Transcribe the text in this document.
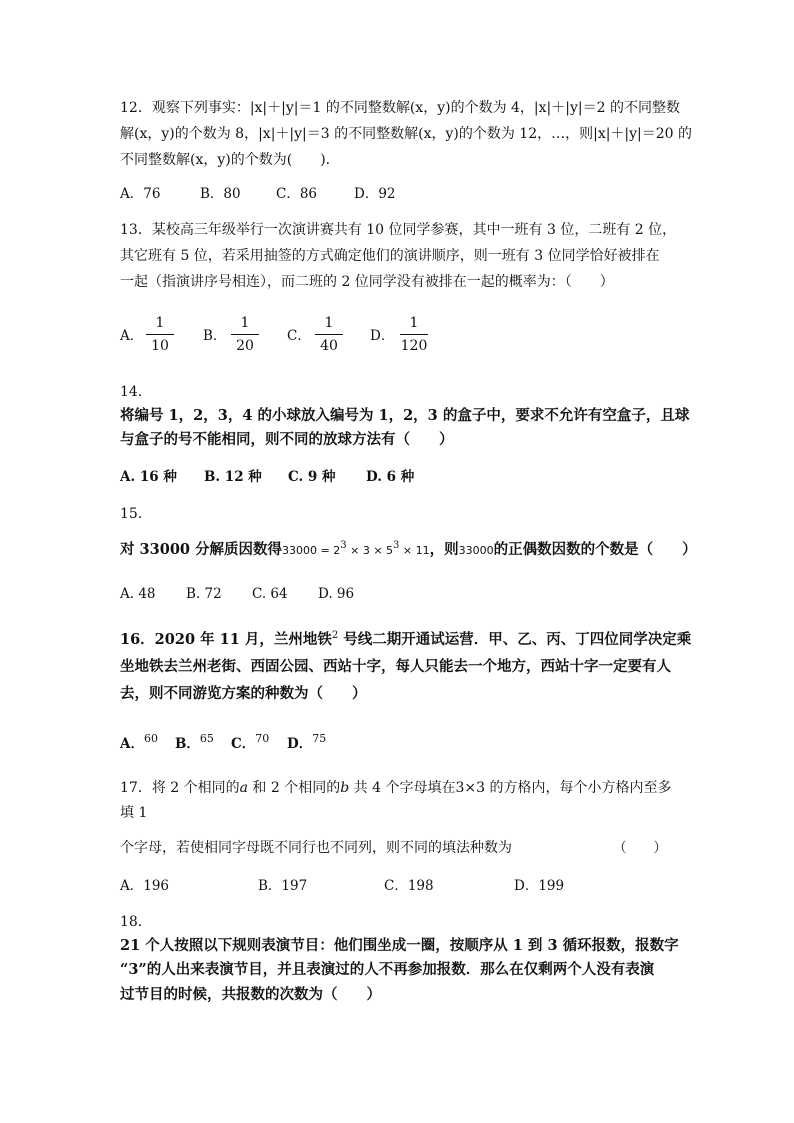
12．观察下列事实：|x|＋|y|＝1 的不同整数解(x，y)的个数为 4，|x|＋|y|＝2 的不同整数
解(x，y)的个数为 8，|x|＋|y|＝3 的不同整数解(x，y)的个数为 12，…，则|x|＋|y|＝20 的
不同整数解(x，y)的个数为(　　)．
A．76	B．80	C．86	D．92
13．某校高三年级举行一次演讲赛共有 10 位同学参赛，其中一班有 3 位，二班有 2 位，
其它班有 5 位，若采用抽签的方式确定他们的演讲顺序，则一班有 3 位同学恰好被排在
一起（指演讲序号相连），而二班的 2 位同学没有被排在一起的概率为：（　　）
A．
1
10
B．
1
20
C．
1
40
D．
1
120
14．
将编号 1，2，3，4 的小球放入编号为 1，2，3 的盒子中，要求不允许有空盒子，且球
与盒子的号不能相同，则不同的放球方法有（　　）
A. 16 种 B. 12 种 C. 9 种 D. 6 种
15．
对 33000 分解质因数得$33000 = 2^3 \times 3 \times 5^3 \times 11$，则33000的正偶数因数的个数是（　　）
A. 48 B. 72 C. 64 D. 96
16．2020 年 11 月，兰州地铁$^2$ 号线二期开通试运营．甲、乙、丙、丁四位同学决定乘
坐地铁去兰州老街、西固公园、西站十字，每人只能去一个地方，西站十字一定要有人
去，则不同游览方案的种数为（　　）
A．$^{60}$ B．$^{65}$ C．$^{70}$ D．$^{75}$
17．将 2 个相同的a 和 2 个相同的b 共 4 个字母填在3×3 的方格内，每个小方格内至多
填 1
个字母，若使相同字母既不同行也不同列，则不同的填法种数为	（　　）
A．196	B．197	C．198	D．199
18．
21 个人按照以下规则表演节目：他们围坐成一圈，按顺序从 1 到 3 循环报数，报数字
“3”的人出来表演节目，并且表演过的人不再参加报数．那么在仅剩两个人没有表演
过节目的时候，共报数的次数为（　　）
